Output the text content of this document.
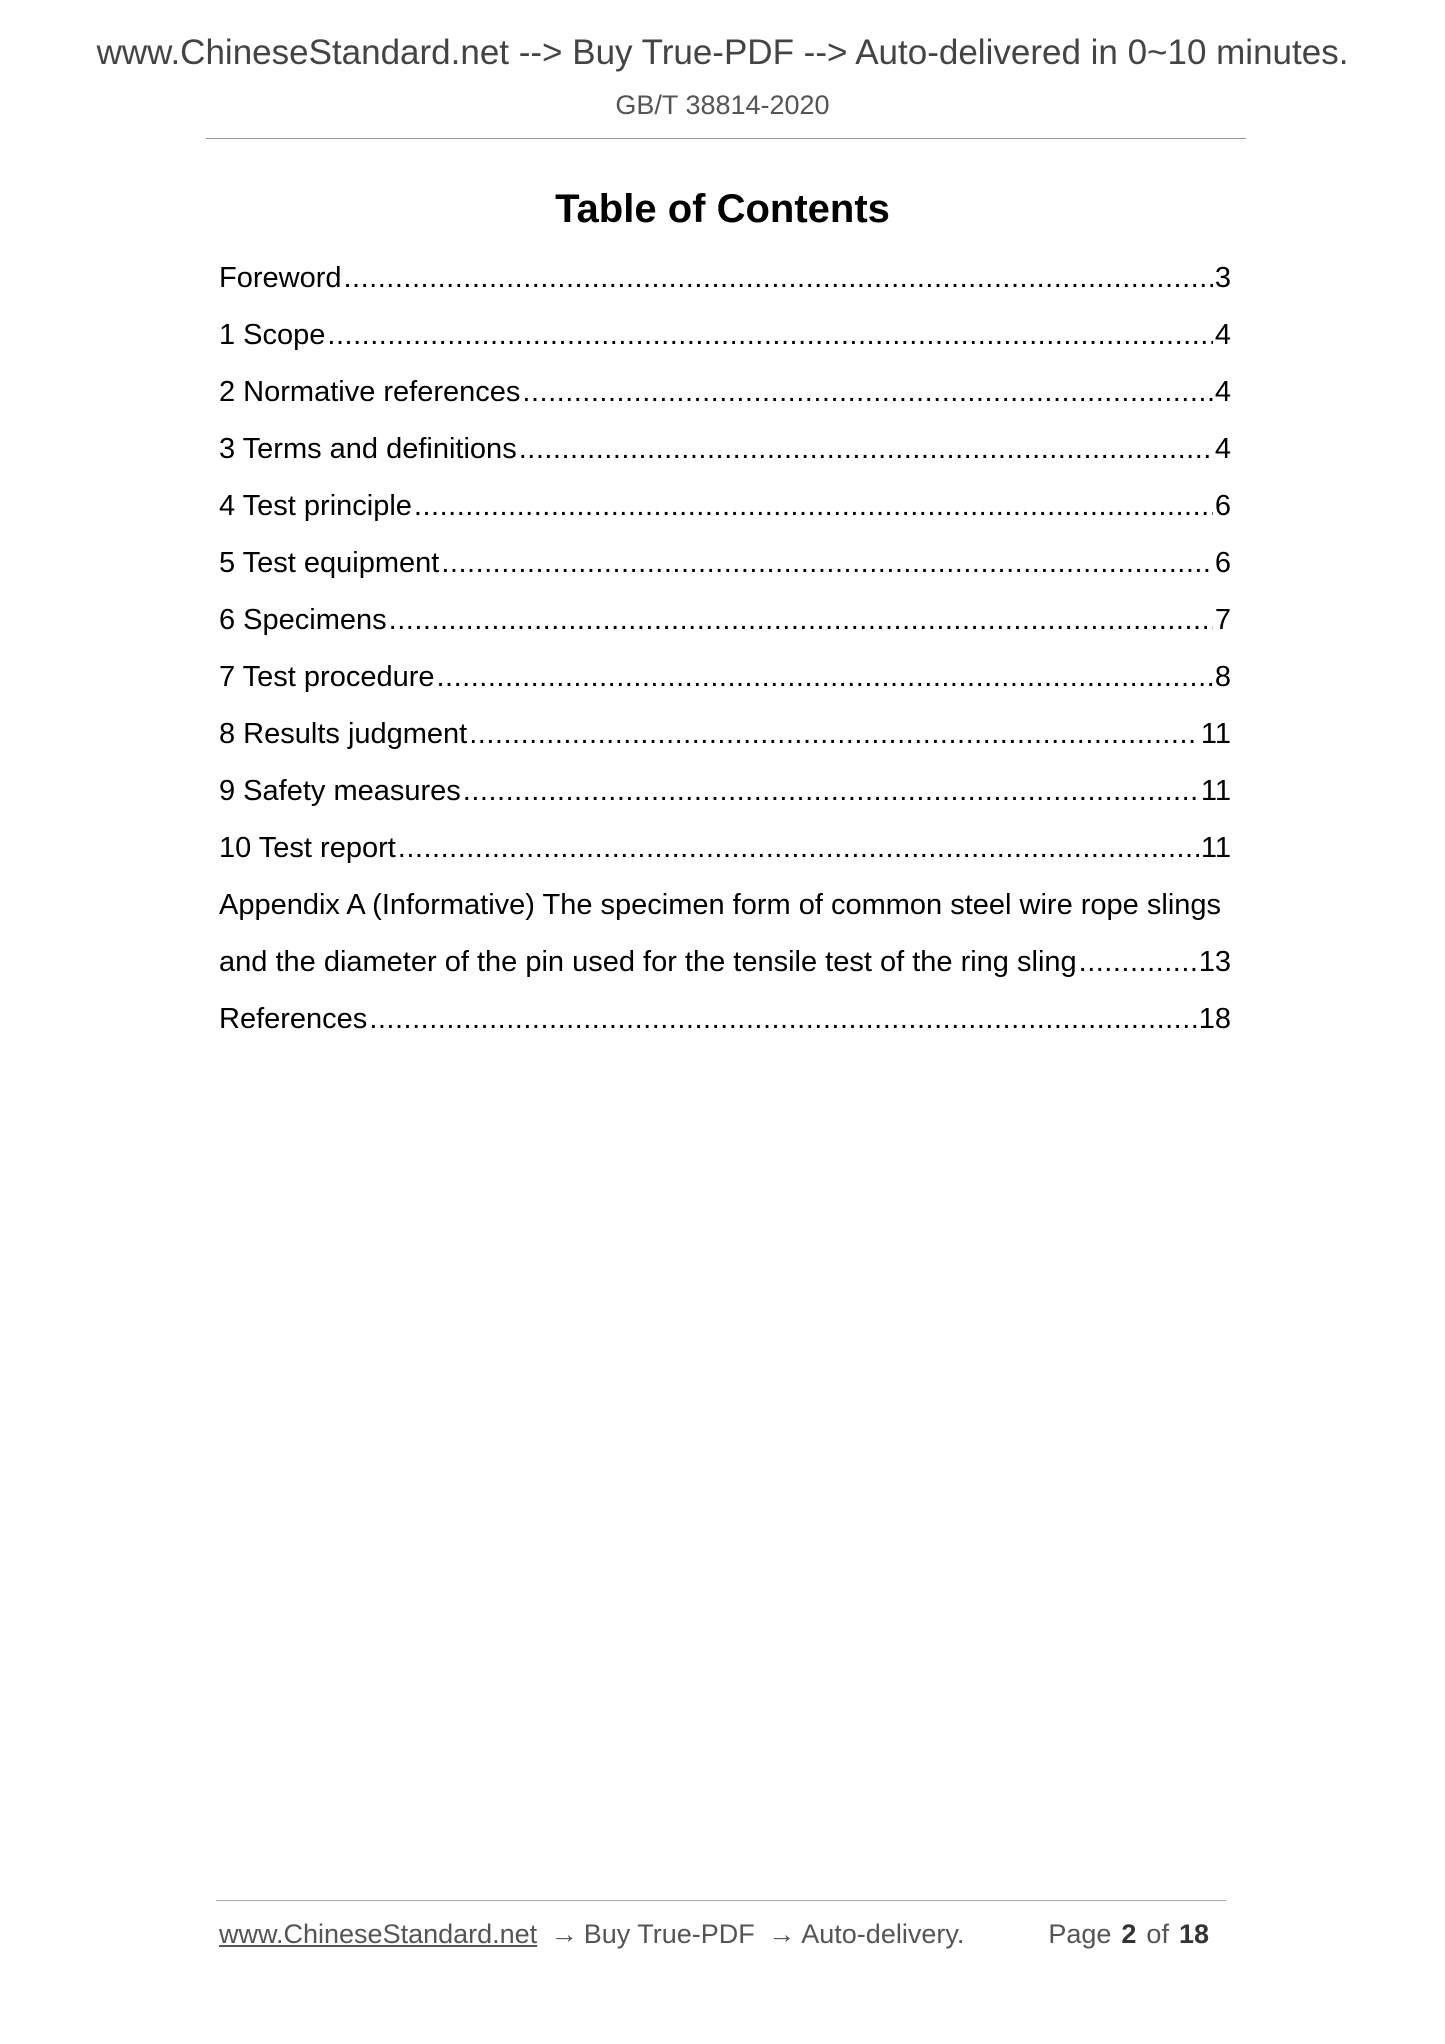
www.ChineseStandard.net --> Buy True-PDF --> Auto-delivered in 0~10 minutes.
GB/T 38814-2020
Table of Contents
Foreword .....	3
1 Scope .....	4
2 Normative references .....	4
3 Terms and definitions .....	4
4 Test principle .....	6
5 Test equipment .....	6
6 Specimens .....	7
7 Test procedure .....	8
8 Results judgment .....	11
9 Safety measures .....	11
10 Test report .....	11
Appendix A (Informative) The specimen form of common steel wire rope slings
and the diameter of the pin used for the tensile test of the ring sling .....	13
References .....	18
www.ChineseStandard.net → Buy True-PDF → Auto-delivery.	Page 2 of 18
